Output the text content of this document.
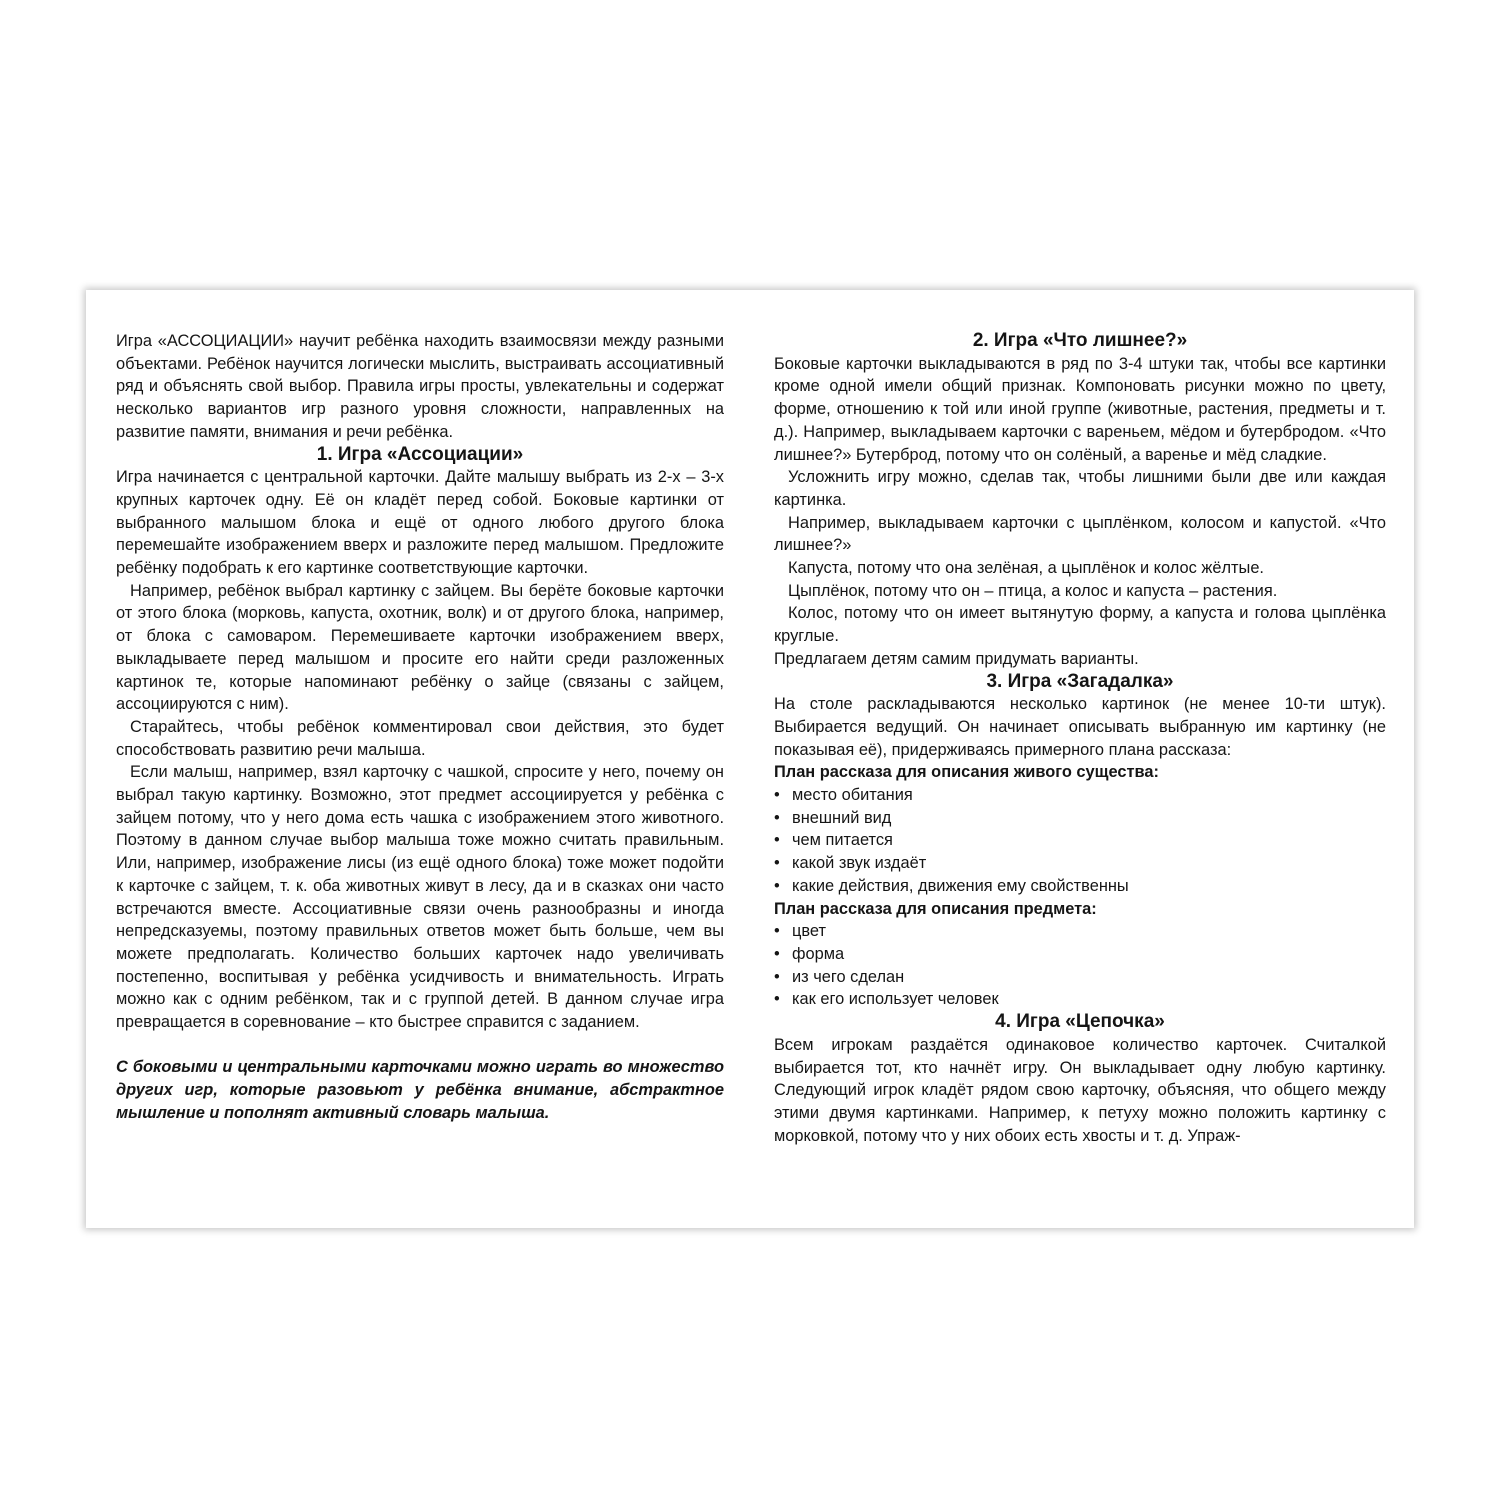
Игра «АССОЦИАЦИИ» научит ребёнка находить взаимосвязи между разными объектами. Ребёнок научится логически мыслить, выстраивать ассоциативный ряд и объяснять свой выбор. Правила игры просты, увлекательны и содержат несколько вариантов игр разного уровня сложности, направленных на развитие памяти, внимания и речи ребёнка.

1. Игра «Ассоциации»

Игра начинается с центральной карточки. Дайте малышу выбрать из 2-х – 3-х крупных карточек одну. Её он кладёт перед собой. Боковые картинки от выбранного малышом блока и ещё от одного любого другого блока перемешайте изображением вверх и разложите перед малышом. Предложите ребёнку подобрать к его картинке соответствующие карточки.

Например, ребёнок выбрал картинку с зайцем. Вы берёте боковые карточки от этого блока (морковь, капуста, охотник, волк) и от другого блока, например, от блока с самоваром. Перемешиваете карточки изображением вверх, выкладываете перед малышом и просите его найти среди разложенных картинок те, которые напоминают ребёнку о зайце (связаны с зайцем, ассоциируются с ним).

Старайтесь, чтобы ребёнок комментировал свои действия, это будет способствовать развитию речи малыша.

Если малыш, например, взял карточку с чашкой, спросите у него, почему он выбрал такую картинку. Возможно, этот предмет ассоциируется у ребёнка с зайцем потому, что у него дома есть чашка с изображением этого животного. Поэтому в данном случае выбор малыша тоже можно считать правильным. Или, например, изображение лисы (из ещё одного блока) тоже может подойти к карточке с зайцем, т. к. оба животных живут в лесу, да и в сказках они часто встречаются вместе. Ассоциативные связи очень разнообразны и иногда непредсказуемы, поэтому правильных ответов может быть больше, чем вы можете предполагать. Количество больших карточек надо увеличивать постепенно, воспитывая у ребёнка усидчивость и внимательность. Играть можно как с одним ребёнком, так и с группой детей. В данном случае игра превращается в соревнование – кто быстрее справится с заданием.

С боковыми и центральными карточками можно играть во множество других игр, которые разовьют у ребёнка внимание, абстрактное мышление и пополнят активный словарь малыша.

2. Игра «Что лишнее?»

Боковые карточки выкладываются в ряд по 3-4 штуки так, чтобы все картинки кроме одной имели общий признак. Компоновать рисунки можно по цвету, форме, отношению к той или иной группе (животные, растения, предметы и т. д.). Например, выкладываем карточки с вареньем, мёдом и бутербродом. «Что лишнее?» Бутерброд, потому что он солёный, а варенье и мёд сладкие.

Усложнить игру можно, сделав так, чтобы лишними были две или каждая картинка.

Например, выкладываем карточки с цыплёнком, колосом и капустой. «Что лишнее?»

Капуста, потому что она зелёная, а цыплёнок и колос жёлтые.

Цыплёнок, потому что он – птица, а колос и капуста – растения.

Колос, потому что он имеет вытянутую форму, а капуста и голова цыплёнка круглые.

Предлагаем детям самим придумать варианты.

3. Игра «Загадалка»

На столе раскладываются несколько картинок (не менее 10-ти штук). Выбирается ведущий. Он начинает описывать выбранную им картинку (не показывая её), придерживаясь примерного плана рассказа:

План рассказа для описания живого существа:

• место обитания
• внешний вид
• чем питается
• какой звук издаёт
• какие действия, движения ему свойственны

План рассказа для описания предмета:

• цвет
• форма
• из чего сделан
• как его использует человек
4. Игра «Цепочка»

Всем игрокам раздаётся одинаковое количество карточек. Считалкой выбирается тот, кто начнёт игру. Он выкладывает одну любую картинку. Следующий игрок кладёт рядом свою карточку, объясняя, что общего между этими двумя картинками. Например, к петуху можно положить картинку с морковкой, потому что у них обоих есть хвосты и т. д. Упраж-
